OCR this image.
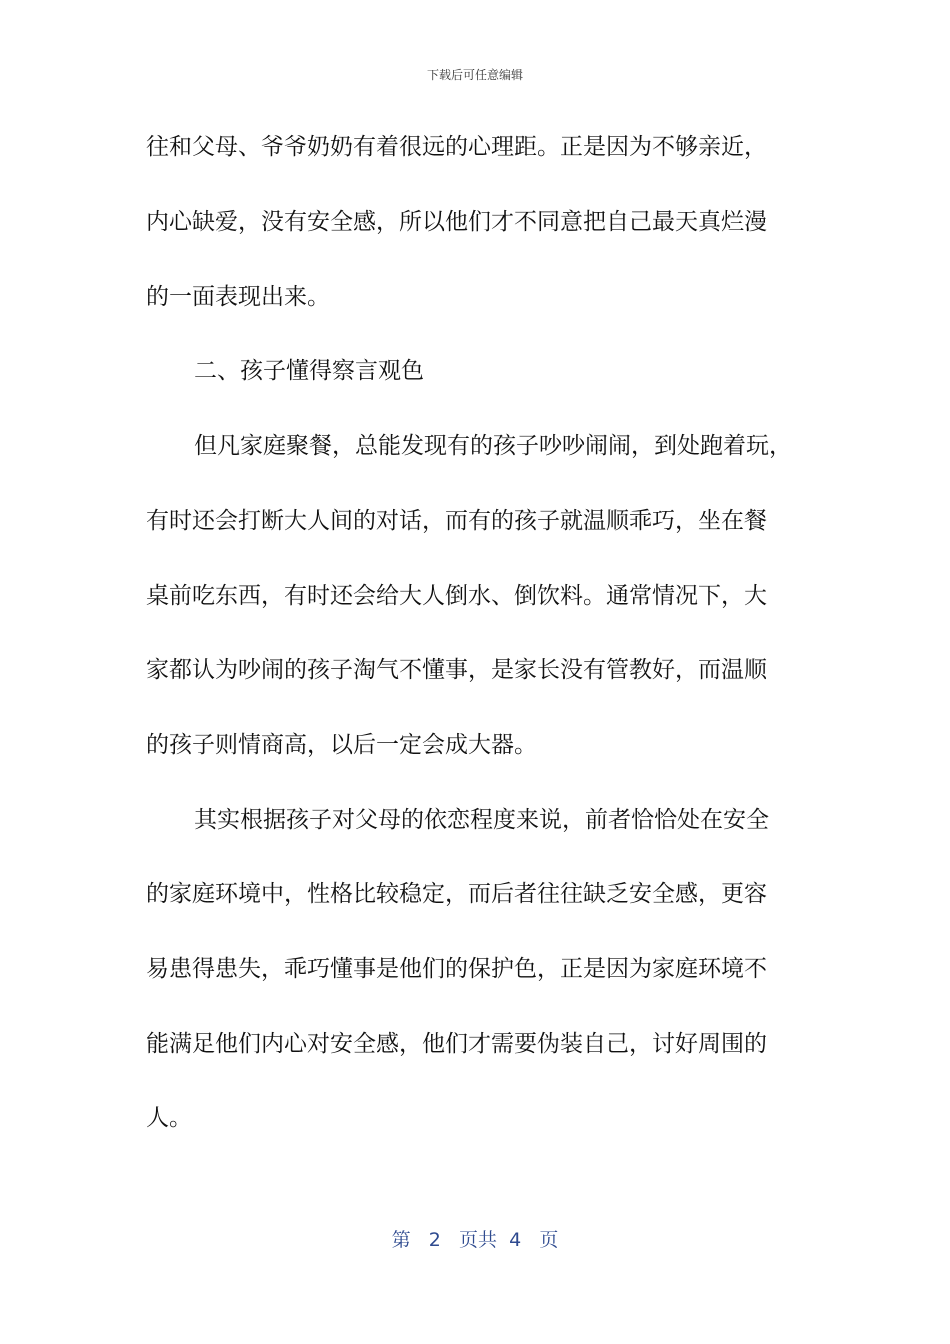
下载后可任意编辑
往和父母、爷爷奶奶有着很远的心理距。正是因为不够亲近，
内心缺爱，没有安全感，所以他们才不同意把自己最天真烂漫
的一面表现出来。
二、孩子懂得察言观色
但凡家庭聚餐，总能发现有的孩子吵吵闹闹，到处跑着玩，
有时还会打断大人间的对话，而有的孩子就温顺乖巧，坐在餐
桌前吃东西，有时还会给大人倒水、倒饮料。通常情况下，大
家都认为吵闹的孩子淘气不懂事，是家长没有管教好，而温顺
的孩子则情商高，以后一定会成大器。
其实根据孩子对父母的依恋程度来说，前者恰恰处在安全
的家庭环境中，性格比较稳定，而后者往往缺乏安全感，更容
易患得患失，乖巧懂事是他们的保护色，正是因为家庭环境不
能满足他们内心对安全感，他们才需要伪装自己，讨好周围的
人。
第 2 页共 4 页
